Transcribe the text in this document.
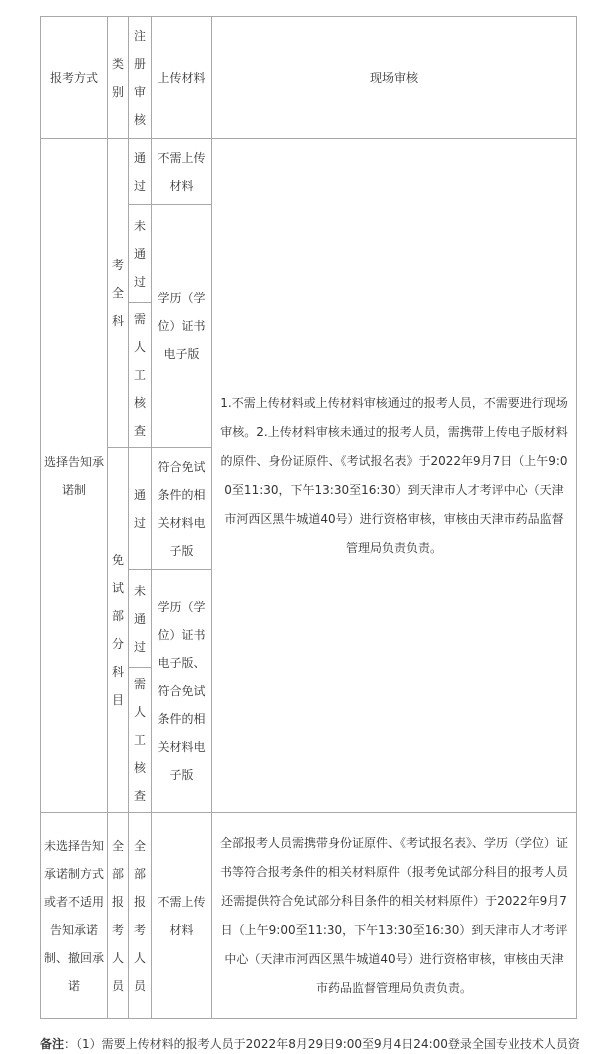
报考方式	类别	注册审核	上传材料	现场审核
选择告知承诺制	考全科	通过	不需上传材料	1.不需上传材料或上传材料审核通过的报考人员，不需要进行现场审核。2.上传材料审核未通过的报考人员，需携带上传电子版材料的原件、身份证原件、《考试报名表》于2022年9月7日（上午9:00至11:30，下午13:30至16:30）到天津市人才考评中心（天津市河西区黑牛城道40号）进行资格审核，审核由天津市药品监督管理局负责负责。
		未通过	学历（学位）证书电子版	
		需人工核查		
	免试部分科目	通过	符合免试条件的相关材料电子版	
		未通过	学历（学位）证书电子版、符合免试条件的相关材料电子版	
		需人工核查		
未选择告知承诺制方式或者不适用告知承诺制、撤回承诺	全部报考人员	全部报考人员	不需上传材料	全部报考人员需携带身份证原件、《考试报名表》、学历（学位）证书等符合报考条件的相关材料原件（报考免试部分科目的报考人员还需提供符合免试部分科目条件的相关材料原件）于2022年9月7日（上午9:00至11:30，下午13:30至16:30）到天津市人才考评中心（天津市河西区黑牛城道40号）进行资格审核，审核由天津市药品监督管理局负责负责。
备注：（1）需要上传材料的报考人员于2022年8月29日9:00至9月4日24:00登录全国专业技术人员资
